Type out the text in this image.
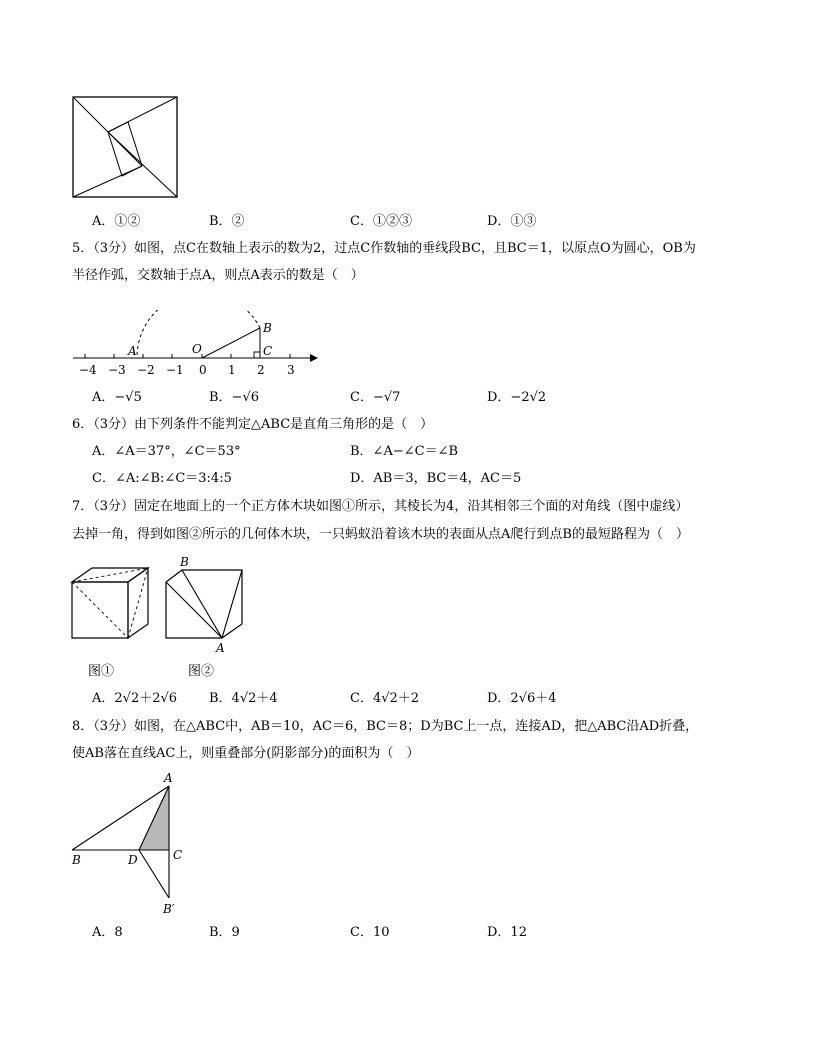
A．①②	B．②	C．①②③	D．①③
5．（3分）如图，点C在数轴上表示的数为2，过点C作数轴的垂线段BC，且BC＝1，以原点O为圆心，OB为
半径作弧，交数轴于点A，则点A表示的数是（　）
−4 −3 −2 −1 0 1 2 3
B
C
O
A
A．−√5	B．−√6	C．−√7	D．−2√2
6．（3分）由下列条件不能判定△ABC是直角三角形的是（　）
A．∠A＝37°，∠C＝53°	B．∠A−∠C＝∠B
C．∠A:∠B:∠C＝3:4:5	D．AB＝3，BC＝4，AC＝5
7．（3分）固定在地面上的一个正方体木块如图①所示，其棱长为4，沿其相邻三个面的对角线（图中虚线）
去掉一角，得到如图②所示的几何体木块，一只蚂蚁沿着该木块的表面从点A爬行到点B的最短路程为（　）
B
A
图①	图②
A．2√2＋2√6 B．4√2＋4	C．4√2＋2	D．2√6＋4
8．（3分）如图，在△ABC中，AB＝10，AC＝6，BC＝8；D为BC上一点，连接AD，把△ABC沿AD折叠，
使AB落在直线AC上，则重叠部分(阴影部分)的面积为（　）
A
B	D	C
B′
A．8	B．9	C．10	D．12
